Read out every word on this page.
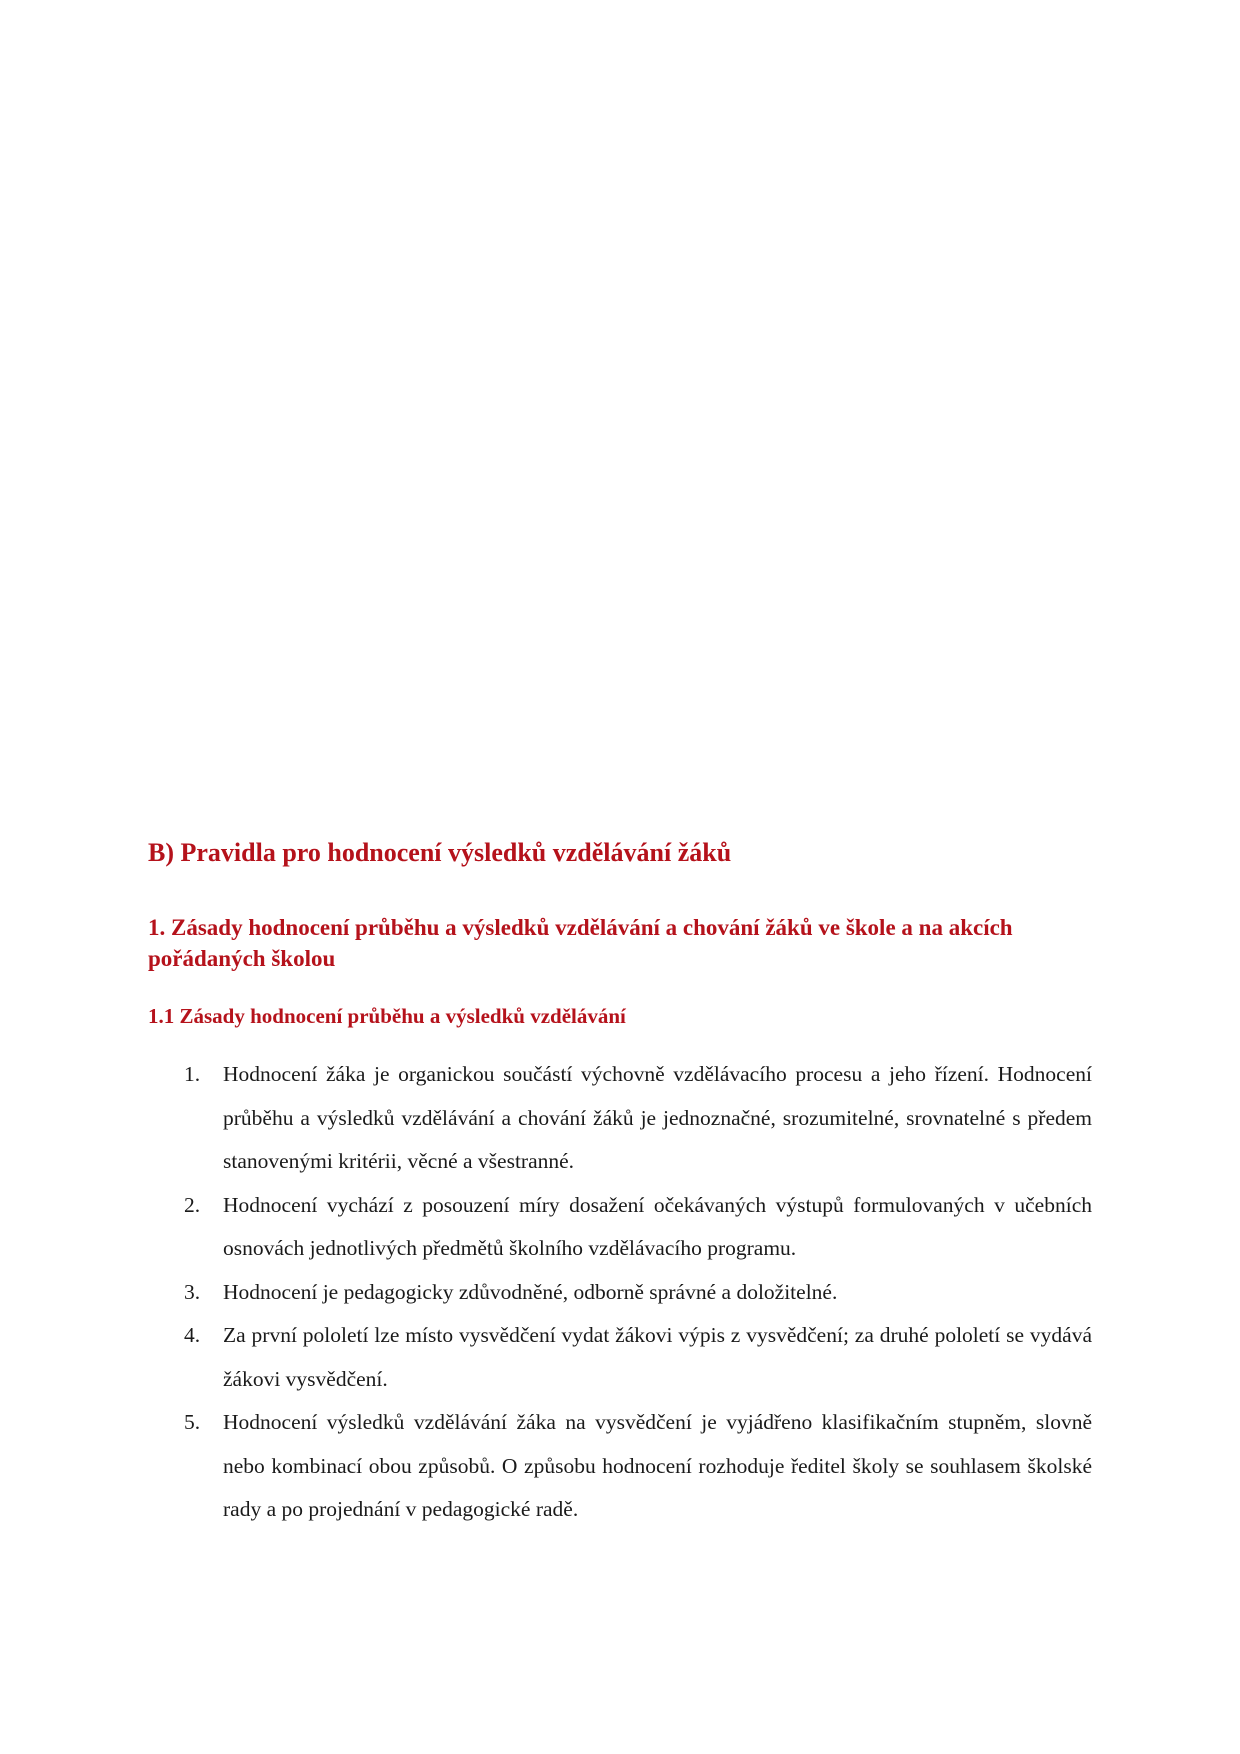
B) Pravidla pro hodnocení výsledků vzdělávání žáků
1. Zásady hodnocení průběhu a výsledků vzdělávání a chování žáků ve škole a na akcích pořádaných školou
1.1 Zásady hodnocení průběhu a výsledků vzdělávání
1. Hodnocení žáka je organickou součástí výchovně vzdělávacího procesu a jeho řízení. Hodnocení průběhu a výsledků vzdělávání a chování žáků je jednoznačné, srozumitelné, srovnatelné s předem stanovenými kritérii, věcné a všestranné.
2. Hodnocení vychází z posouzení míry dosažení očekávaných výstupů formulovaných v učebních osnovách jednotlivých předmětů školního vzdělávacího programu.
3. Hodnocení je pedagogicky zdůvodněné, odborně správné a doložitelné.
4. Za první pololetí lze místo vysvědčení vydat žákovi výpis z vysvědčení; za druhé pololetí se vydává žákovi vysvědčení.
5. Hodnocení výsledků vzdělávání žáka na vysvědčení je vyjádřeno klasifikačním stupněm, slovně nebo kombinací obou způsobů. O způsobu hodnocení rozhoduje ředitel školy se souhlasem školské rady a po projednání v pedagogické radě.
